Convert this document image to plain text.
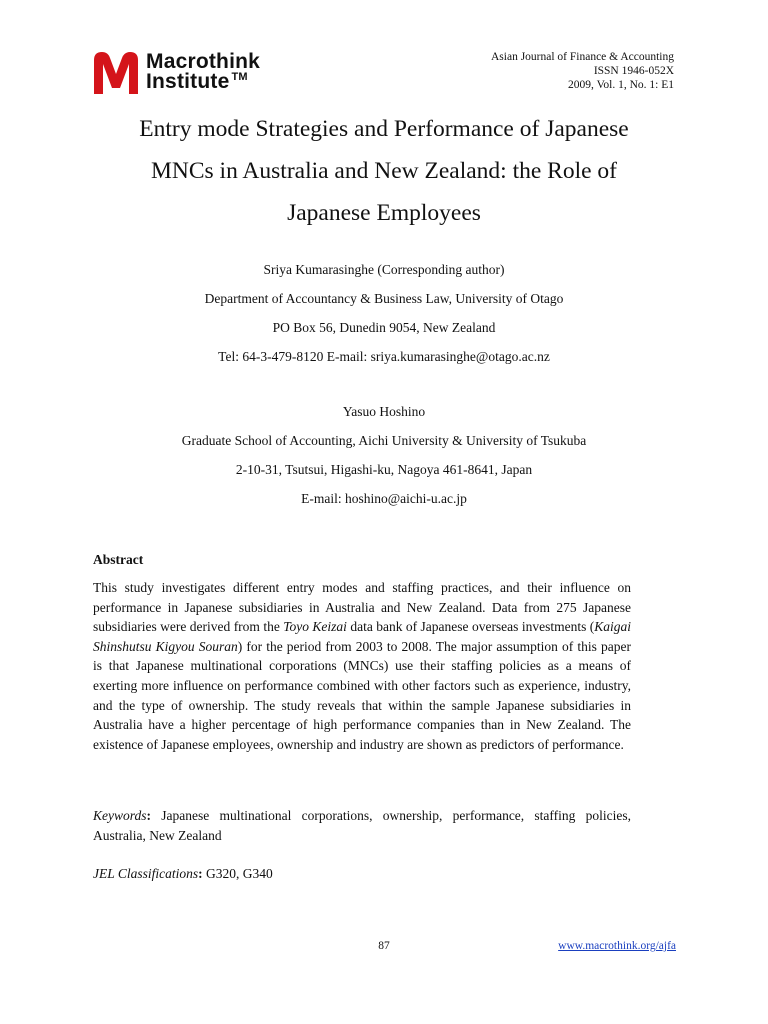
Macrothink
Institute ™
Asian Journal of Finance & Accounting
ISSN 1946-052X
2009, Vol. 1, No. 1: E1
Entry mode Strategies and Performance of Japanese
MNCs in Australia and New Zealand: the Role of
Japanese Employees
Sriya Kumarasinghe (Corresponding author)
Department of Accountancy & Business Law, University of Otago
PO Box 56, Dunedin 9054, New Zealand
Tel: 64-3-479-8120 E-mail: sriya.kumarasinghe@otago.ac.nz
Yasuo Hoshino
Graduate School of Accounting, Aichi University & University of Tsukuba
2-10-31, Tsutsui, Higashi-ku, Nagoya 461-8641, Japan
E-mail: hoshino@aichi-u.ac.jp
Abstract
This study investigates different entry modes and staffing practices, and their influence on performance in Japanese subsidiaries in Australia and New Zealand. Data from 275 Japanese subsidiaries were derived from the Toyo Keizai data bank of Japanese overseas investments (Kaigai Shinshutsu Kigyou Souran) for the period from 2003 to 2008. The major assumption of this paper is that Japanese multinational corporations (MNCs) use their staffing policies as a means of exerting more influence on performance combined with other factors such as experience, industry, and the type of ownership. The study reveals that within the sample Japanese subsidiaries in Australia have a higher percentage of high performance companies than in New Zealand. The existence of Japanese employees, ownership and industry are shown as predictors of performance.
Keywords: Japanese multinational corporations, ownership, performance, staffing policies, Australia, New Zealand
JEL Classifications: G320, G340
87	www.macrothink.org/ajfa
